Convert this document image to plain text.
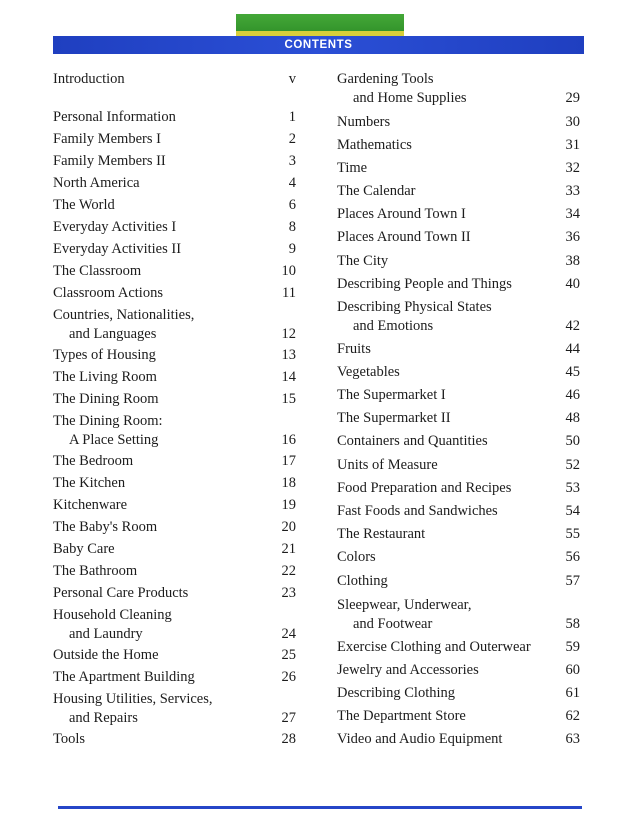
CONTENTS
Introduction	v
Personal Information	1
Family Members I	2
Family Members II	3
North America	4
The World	6
Everyday Activities I	8
Everyday Activities II	9
The Classroom	10
Classroom Actions	11
Countries, Nationalities,
and Languages	12
Types of Housing	13
The Living Room	14
The Dining Room	15
The Dining Room:
A Place Setting	16
The Bedroom	17
The Kitchen	18
Kitchenware	19
The Baby's Room	20
Baby Care	21
The Bathroom	22
Personal Care Products	23
Household Cleaning
and Laundry	24
Outside the Home	25
The Apartment Building	26
Housing Utilities, Services,
and Repairs	27
Tools	28
Gardening Tools
and Home Supplies	29
Numbers	30
Mathematics	31
Time	32
The Calendar	33
Places Around Town I	34
Places Around Town II	36
The City	38
Describing People and Things	40
Describing Physical States
and Emotions	42
Fruits	44
Vegetables	45
The Supermarket I	46
The Supermarket II	48
Containers and Quantities	50
Units of Measure	52
Food Preparation and Recipes	53
Fast Foods and Sandwiches	54
The Restaurant	55
Colors	56
Clothing	57
Sleepwear, Underwear,
and Footwear	58
Exercise Clothing and Outerwear	59
Jewelry and Accessories	60
Describing Clothing	61
The Department Store	62
Video and Audio Equipment	63
